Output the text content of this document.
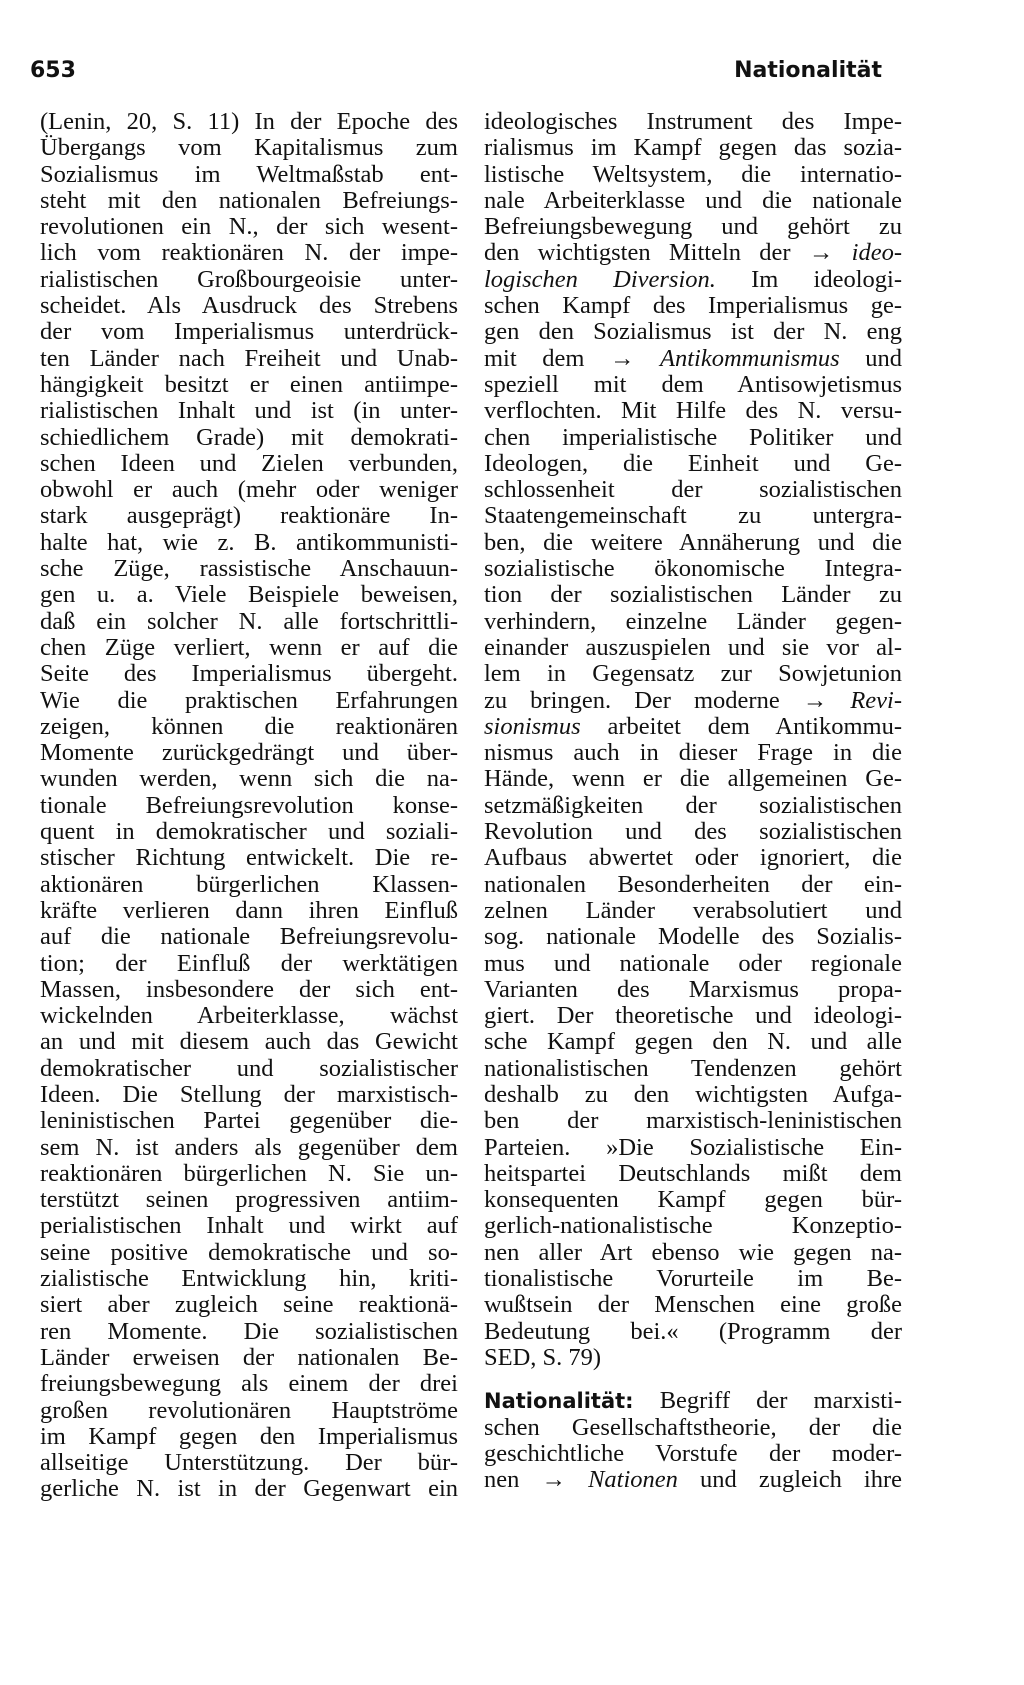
653	Nationalität
(Lenin, 20, S. 11) In der Epoche des
Übergangs vom Kapitalismus zum
Sozialismus im Weltmaßstab ent-
steht mit den nationalen Befreiungs-
revolutionen ein N., der sich wesent-
lich vom reaktionären N. der impe-
rialistischen Großbourgeoisie unter-
scheidet. Als Ausdruck des Strebens
der vom Imperialismus unterdrück-
ten Länder nach Freiheit und Unab-
hängigkeit besitzt er einen antiimpe-
rialistischen Inhalt und ist (in unter-
schiedlichem Grade) mit demokrati-
schen Ideen und Zielen verbunden,
obwohl er auch (mehr oder weniger
stark ausgeprägt) reaktionäre In-
halte hat, wie z. B. antikommunisti-
sche Züge, rassistische Anschauun-
gen u. a. Viele Beispiele beweisen,
daß ein solcher N. alle fortschrittli-
chen Züge verliert, wenn er auf die
Seite des Imperialismus übergeht.
Wie die praktischen Erfahrungen
zeigen, können die reaktionären
Momente zurückgedrängt und über-
wunden werden, wenn sich die na-
tionale Befreiungsrevolution konse-
quent in demokratischer und soziali-
stischer Richtung entwickelt. Die re-
aktionären bürgerlichen Klassen-
kräfte verlieren dann ihren Einfluß
auf die nationale Befreiungsrevolu-
tion; der Einfluß der werktätigen
Massen, insbesondere der sich ent-
wickelnden Arbeiterklasse, wächst
an und mit diesem auch das Gewicht
demokratischer und sozialistischer
Ideen. Die Stellung der marxistisch-
leninistischen Partei gegenüber die-
sem N. ist anders als gegenüber dem
reaktionären bürgerlichen N. Sie un-
terstützt seinen progressiven antiim-
perialistischen Inhalt und wirkt auf
seine positive demokratische und so-
zialistische Entwicklung hin, kriti-
siert aber zugleich seine reaktionä-
ren Momente. Die sozialistischen
Länder erweisen der nationalen Be-
freiungsbewegung als einem der drei
großen revolutionären Hauptströme
im Kampf gegen den Imperialismus
allseitige Unterstützung. Der bür-
gerliche N. ist in der Gegenwart ein
ideologisches Instrument des Impe-
rialismus im Kampf gegen das sozia-
listische Weltsystem, die internatio-
nale Arbeiterklasse und die nationale
Befreiungsbewegung und gehört zu
den wichtigsten Mitteln der → ideo-
logischen Diversion. Im ideologi-
schen Kampf des Imperialismus ge-
gen den Sozialismus ist der N. eng
mit dem → Antikommunismus und
speziell mit dem Antisowjetismus
verflochten. Mit Hilfe des N. versu-
chen imperialistische Politiker und
Ideologen, die Einheit und Ge-
schlossenheit der sozialistischen
Staatengemeinschaft zu untergra-
ben, die weitere Annäherung und die
sozialistische ökonomische Integra-
tion der sozialistischen Länder zu
verhindern, einzelne Länder gegen-
einander auszuspielen und sie vor al-
lem in Gegensatz zur Sowjetunion
zu bringen. Der moderne → Revi-
sionismus arbeitet dem Antikommu-
nismus auch in dieser Frage in die
Hände, wenn er die allgemeinen Ge-
setzmäßigkeiten der sozialistischen
Revolution und des sozialistischen
Aufbaus abwertet oder ignoriert, die
nationalen Besonderheiten der ein-
zelnen Länder verabsolutiert und
sog. nationale Modelle des Sozialis-
mus und nationale oder regionale
Varianten des Marxismus propa-
giert. Der theoretische und ideologi-
sche Kampf gegen den N. und alle
nationalistischen Tendenzen gehört
deshalb zu den wichtigsten Aufga-
ben der marxistisch-leninistischen
Parteien. »Die Sozialistische Ein-
heitspartei Deutschlands mißt dem
konsequenten Kampf gegen bür-
gerlich-nationalistische Konzeptio-
nen aller Art ebenso wie gegen na-
tionalistische Vorurteile im Be-
wußtsein der Menschen eine große
Bedeutung bei.« (Programm der
SED, S. 79)
Nationalität: Begriff der marxisti-
schen Gesellschaftstheorie, der die
geschichtliche Vorstufe der moder-
nen → Nationen und zugleich ihre
